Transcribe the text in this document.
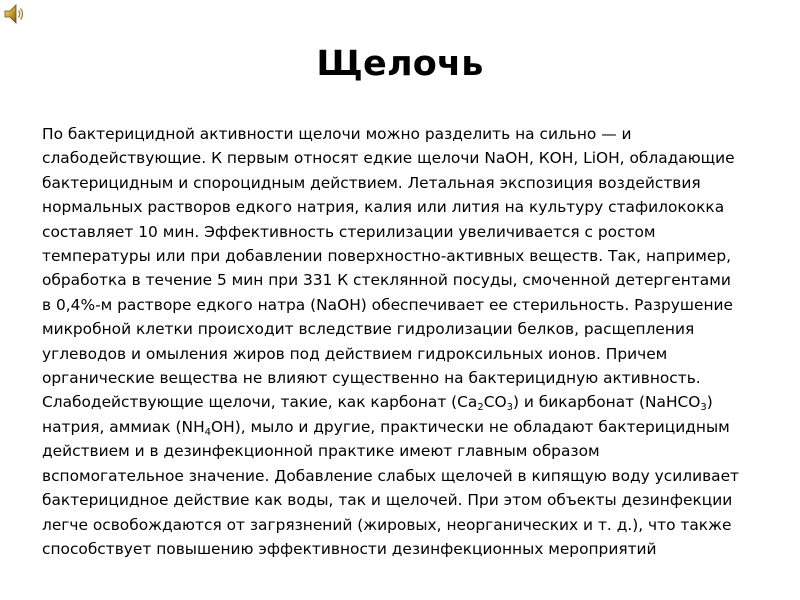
Щелочь
По бактерицидной активности щелочи можно разделить на сильно — и
слабодействующие. К первым относят едкие щелочи NaOH, КОН, LiOH, обладающие
бактерицидным и споpоцидным действием. Летальная экспозиция воздействия
нормальных растворов едкого натрия, калия или лития на культуру стафилококка
составляет 10 мин. Эффективность стерилизации увеличивается с ростом
температуры или при добавлении поверхностно-активных веществ. Так, например,
обработка в течение 5 мин при 331 К стеклянной посуды, смоченной детергентами
в 0,4%-м растворе едкого натра (NaOH) обеспечивает ее стерильность. Разрушение
микробной клетки происходит вследствие гидролизации белков, расщепления
углеводов и омыления жиров под действием гидроксильных ионов. Причем
органические вещества не влияют существенно на бактерицидную активность.
Слабодействующие щелочи, такие, как карбонат $(Са_2СО_3)$ и бикарбонат (NaHCO$_3$)
натрия, аммиак $(NH_4OH)$, мыло и другие, практически не обладают бактерицидным
действием и в дезинфекционной практике имеют главным образом
вспомогательное значение. Добавление слабых щелочей в кипящую воду усиливает
бактерицидное действие как воды, так и щелочей. При этом объекты дезинфекции
легче освобождаются от загрязнений (жировых, неорганических и т. д.), что также
способствует повышению эффективности дезинфекционных мероприятий
